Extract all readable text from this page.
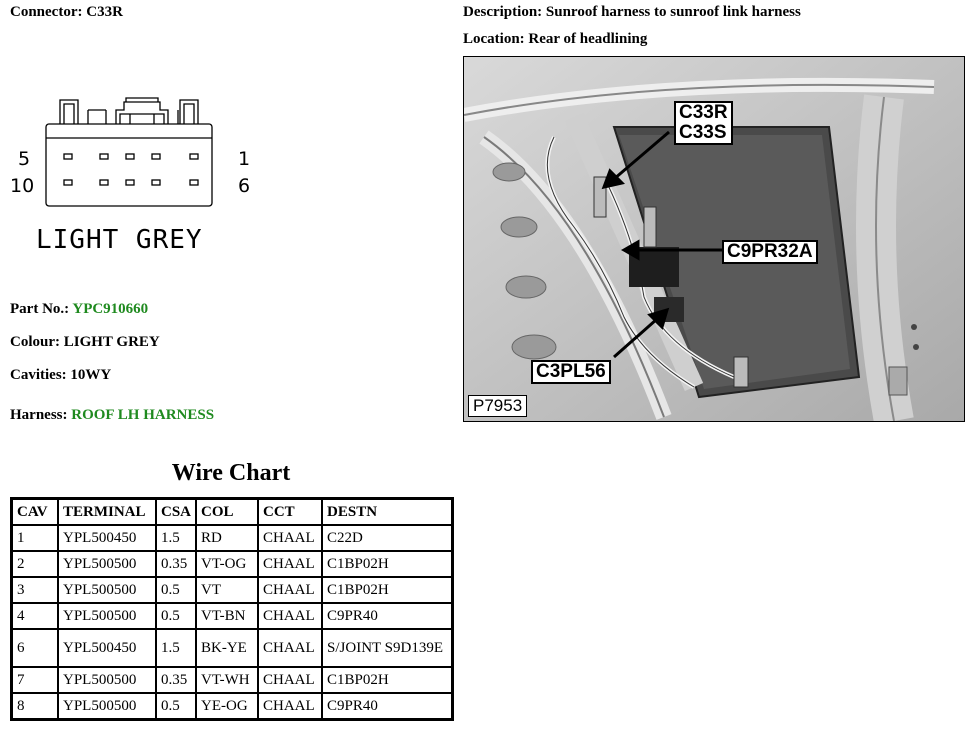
Connector: C33R	Description: Sunroof harness to sunroof link harness
Location: Rear of headlining
5
10
1
6
LIGHT GREY
Part No.: YPC910660
Colour: LIGHT GREY
Cavities: 10WY
Harness: ROOF LH HARNESS
C33R
C33S
C9PR32A
C3PL56
P7953
Wire Chart
CAV	TERMINAL	CSA	COL	CCT	DESTN
1	YPL500450	1.5	RD	CHAAL	C22D
2	YPL500500	0.35	VT-OG	CHAAL	C1BP02H
3	YPL500500	0.5	VT	CHAAL	C1BP02H
4	YPL500500	0.5	VT-BN	CHAAL	C9PR40
6	YPL500450	1.5	BK-YE	CHAAL	S/JOINT S9D139E
7	YPL500500	0.35	VT-WH	CHAAL	C1BP02H
8	YPL500500	0.5	YE-OG	CHAAL	C9PR40
